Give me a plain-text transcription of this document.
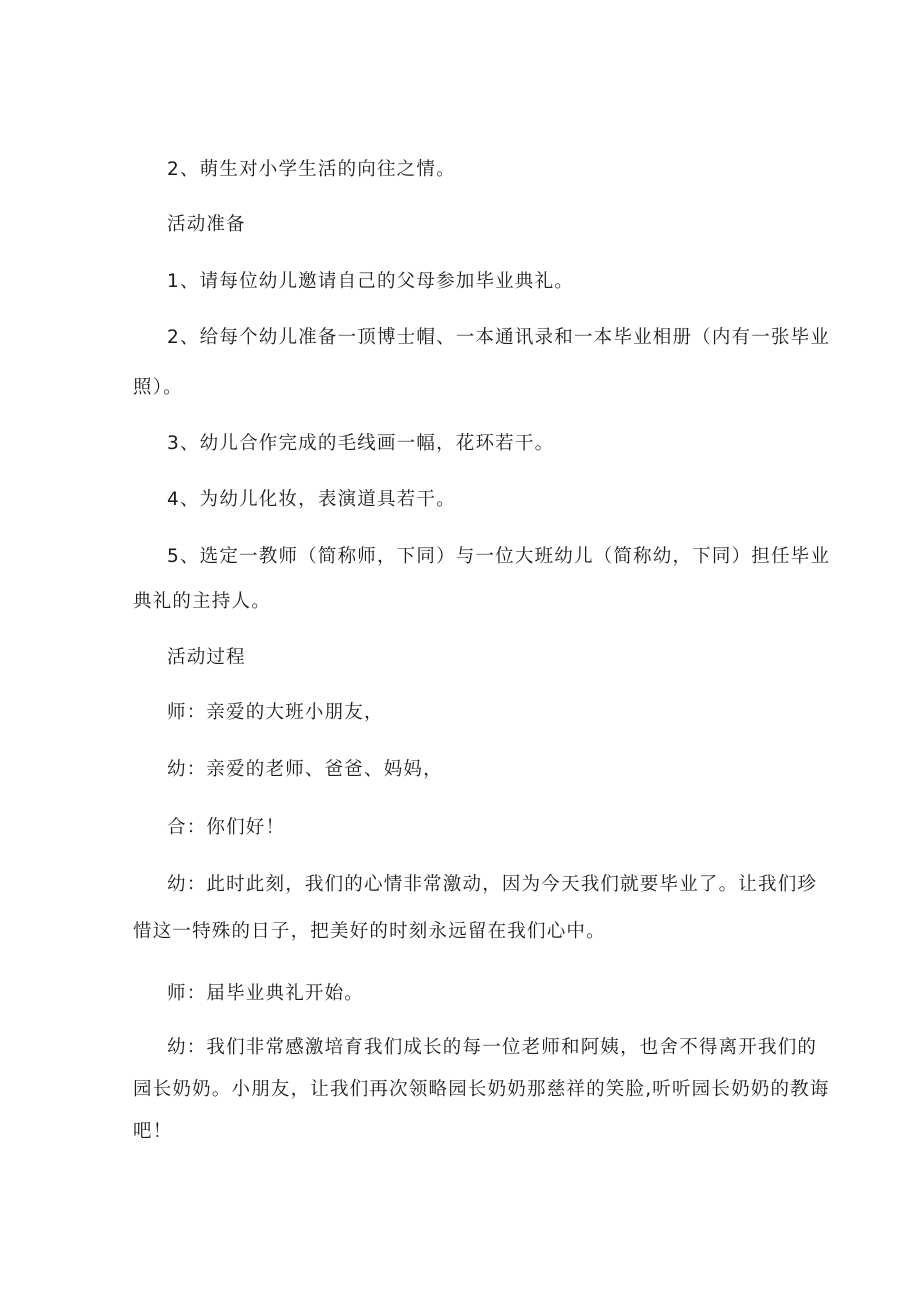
2、萌生对小学生活的向往之情。
活动准备
1、请每位幼儿邀请自己的父母参加毕业典礼。
2、给每个幼儿准备一顶博士帽、一本通讯录和一本毕业相册（内有一张毕业
照）。
3、幼儿合作完成的毛线画一幅，花环若干。
4、为幼儿化妆，表演道具若干。
5、选定一教师（简称师，下同）与一位大班幼儿（简称幼，下同）担任毕业
典礼的主持人。
活动过程
师：亲爱的大班小朋友，
幼：亲爱的老师、爸爸、妈妈，
合：你们好！
幼：此时此刻，我们的心情非常激动，因为今天我们就要毕业了。让我们珍
惜这一特殊的日子，把美好的时刻永远留在我们心中。
师：届毕业典礼开始。
幼：我们非常感激培育我们成长的每一位老师和阿姨，也舍不得离开我们的
园长奶奶。小朋友，让我们再次领略园长奶奶那慈祥的笑脸,听听园长奶奶的教诲
吧！
